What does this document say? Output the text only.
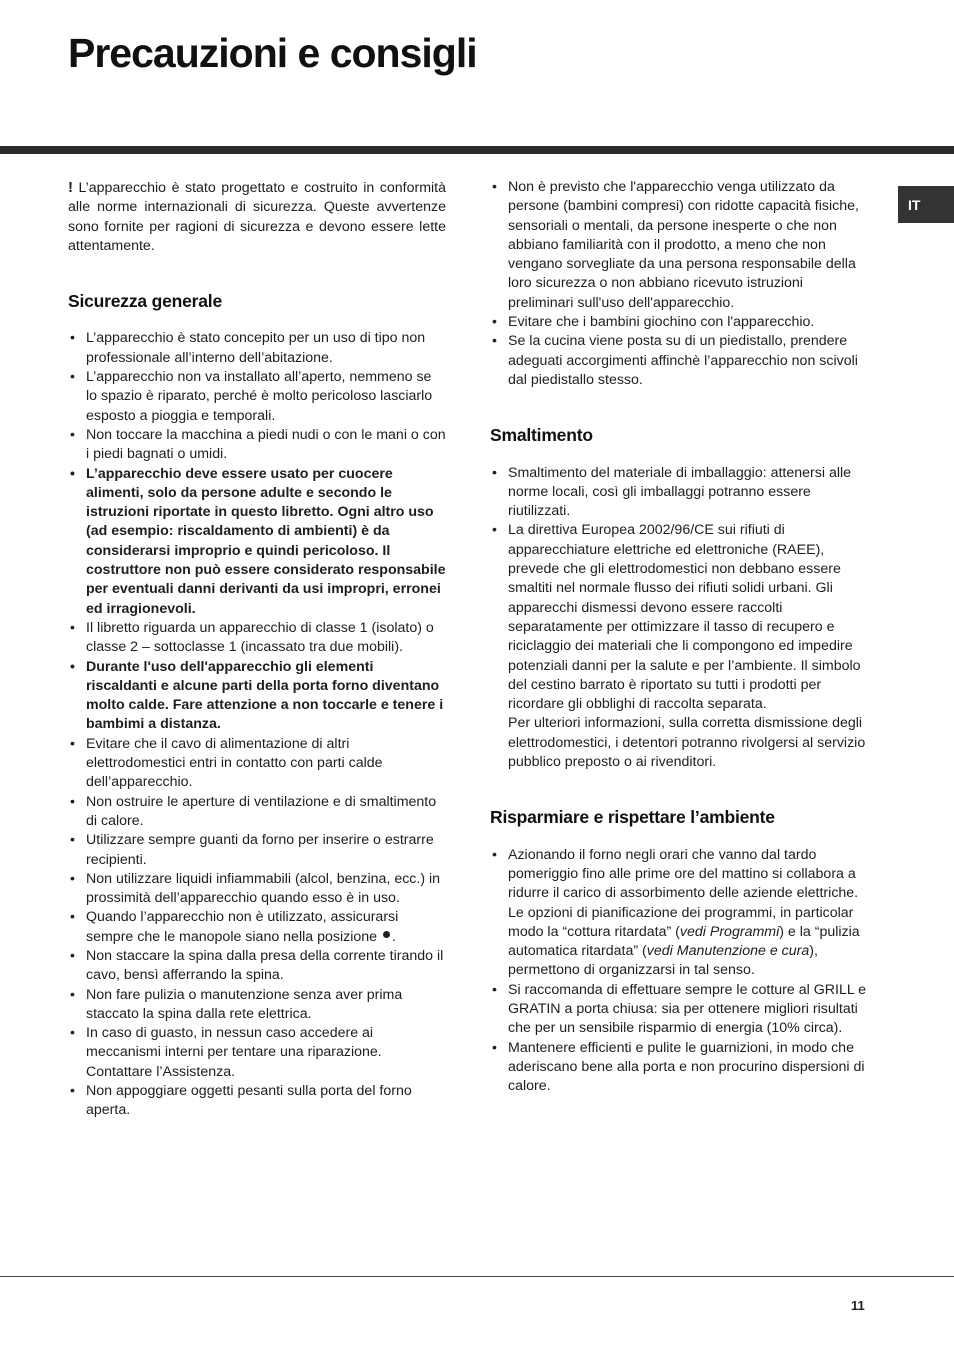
Precauzioni e consigli
IT

! L’apparecchio è stato progettato e costruito in conformità alle norme internazionali di sicurezza. Queste avvertenze sono fornite per ragioni di sicurezza e devono essere lette attentamente.

Sicurezza generale
• L’apparecchio è stato concepito per un uso di tipo non professionale all’interno dell’abitazione.
• L’apparecchio non va installato all’aperto, nemmeno se lo spazio è riparato, perché è molto pericoloso lasciarlo esposto a pioggia e temporali.
• Non toccare la macchina a piedi nudi o con le mani o con i piedi bagnati o umidi.
• L’apparecchio deve essere usato per cuocere alimenti, solo da persone adulte e secondo le istruzioni riportate in questo libretto. Ogni altro uso (ad esempio: riscaldamento di ambienti) è da considerarsi improprio e quindi pericoloso. Il costruttore non può essere considerato responsabile per eventuali danni derivanti da usi impropri, erronei ed irragionevoli.
• Il libretto riguarda un apparecchio di classe 1 (isolato) o classe 2 – sottoclasse 1 (incassato tra due mobili).
• Durante l'uso dell'apparecchio gli elementi riscaldanti e alcune parti della porta forno diventano molto calde. Fare attenzione a non toccarle e tenere i bambimi a distanza.
• Evitare che il cavo di alimentazione di altri elettrodomestici entri in contatto con parti calde dell’apparecchio.
• Non ostruire le aperture di ventilazione e di smaltimento di calore.
• Utilizzare sempre guanti da forno per inserire o estrarre recipienti.
• Non utilizzare liquidi infiammabili (alcol, benzina, ecc.) in prossimità dell’apparecchio quando esso è in uso.
• Quando l’apparecchio non è utilizzato, assicurarsi sempre che le manopole siano nella posizione .
• Non staccare la spina dalla presa della corrente tirando il cavo, bensì afferrando la spina.
• Non fare pulizia o manutenzione senza aver prima staccato la spina dalla rete elettrica.
• In caso di guasto, in nessun caso accedere ai meccanismi interni per tentare una riparazione. Contattare l’Assistenza.
• Non appoggiare oggetti pesanti sulla porta del forno aperta.
• Non è previsto che l'apparecchio venga utilizzato da persone (bambini compresi) con ridotte capacità fisiche, sensoriali o mentali, da persone inesperte o che non abbiano familiarità con il prodotto, a meno che non vengano sorvegliate da una persona responsabile della loro sicurezza o non abbiano ricevuto istruzioni preliminari sull'uso dell'apparecchio.
• Evitare che i bambini giochino con l'apparecchio.
• Se la cucina viene posta su di un piedistallo, prendere adeguati accorgimenti affinchè l’apparecchio non scivoli dal piedistallo stesso.
Smaltimento
• Smaltimento del materiale di imballaggio: attenersi alle norme locali, così gli imballaggi potranno essere riutilizzati.
• La direttiva Europea 2002/96/CE sui rifiuti di apparecchiature elettriche ed elettroniche (RAEE), prevede che gli elettrodomestici non debbano essere smaltiti nel normale flusso dei rifiuti solidi urbani. Gli apparecchi dismessi devono essere raccolti separatamente per ottimizzare il tasso di recupero e riciclaggio dei materiali che li compongono ed impedire potenziali danni per la salute e per l’ambiente. Il simbolo del cestino barrato è riportato su tutti i prodotti per ricordare gli obblighi di raccolta separata.
Per ulteriori informazioni, sulla corretta dismissione degli elettrodomestici, i detentori potranno rivolgersi al servizio pubblico preposto o ai rivenditori.
Risparmiare e rispettare l’ambiente
• Azionando il forno negli orari che vanno dal tardo pomeriggio fino alle prime ore del mattino si collabora a ridurre il carico di assorbimento delle aziende elettriche. Le opzioni di pianificazione dei programmi, in particolar modo la “cottura ritardata” (vedi Programmi) e la “pulizia automatica ritardata” (vedi Manutenzione e cura), permettono di organizzarsi in tal senso.
• Si raccomanda di effettuare sempre le cotture al GRILL e GRATIN a porta chiusa: sia per ottenere migliori risultati che per un sensibile risparmio di energia (10% circa).
• Mantenere efficienti e pulite le guarnizioni, in modo che aderiscano bene alla porta e non procurino dispersioni di calore.
11
